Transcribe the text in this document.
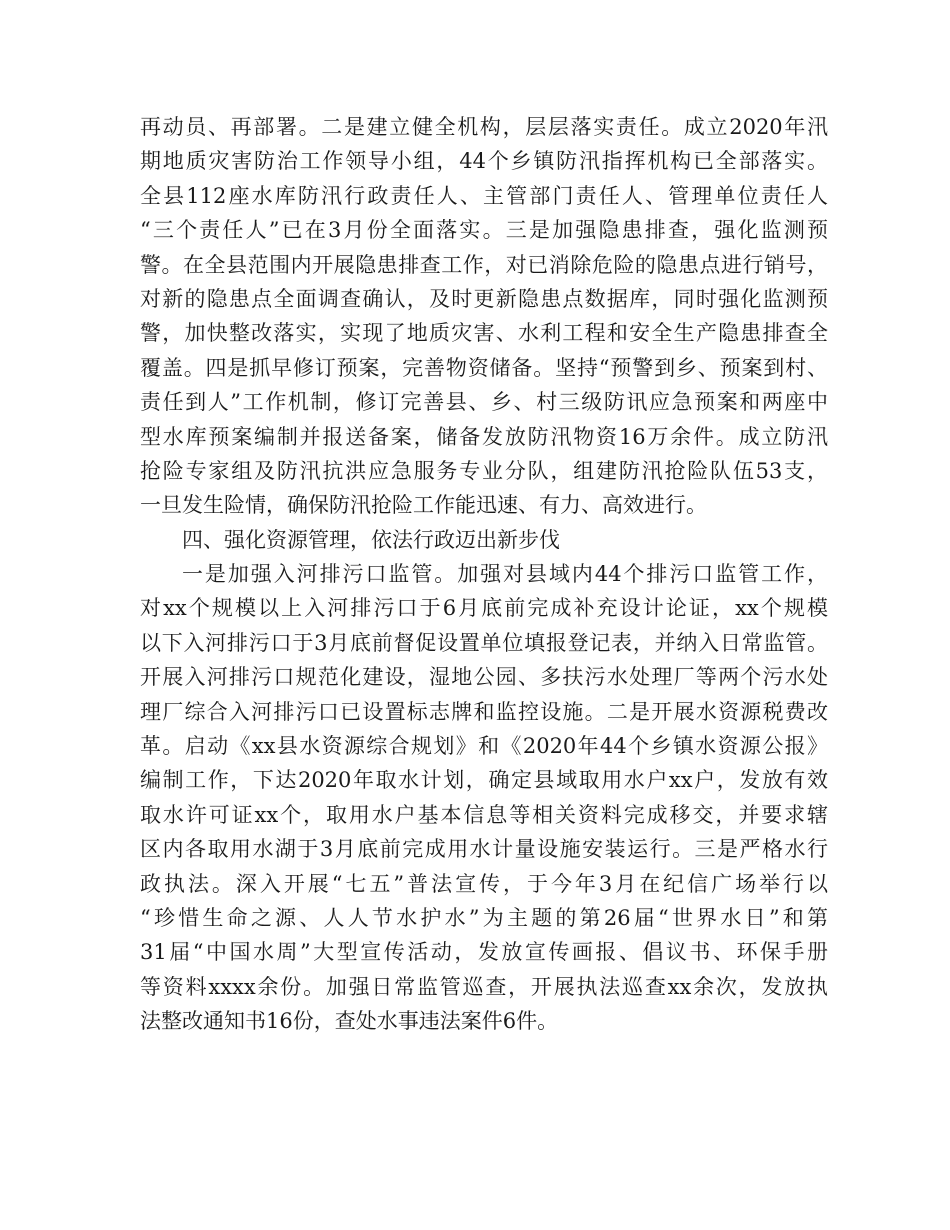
再动员、再部署。二是建立健全机构，层层落实责任。成立2020年汛
期地质灾害防治工作领导小组，44个乡镇防汛指挥机构已全部落实。
全县112座水库防汛行政责任人、主管部门责任人、管理单位责任人
“三个责任人”已在3月份全面落实。三是加强隐患排查，强化监测预
警。在全县范围内开展隐患排查工作，对已消除危险的隐患点进行销号，
对新的隐患点全面调查确认，及时更新隐患点数据库，同时强化监测预
警，加快整改落实，实现了地质灾害、水利工程和安全生产隐患排查全
覆盖。四是抓早修订预案，完善物资储备。坚持“预警到乡、预案到村、
责任到人”工作机制，修订完善县、乡、村三级防讯应急预案和两座中
型水库预案编制并报送备案，储备发放防汛物资16万余件。成立防汛
抢险专家组及防汛抗洪应急服务专业分队，组建防汛抢险队伍53支，
一旦发生险情，确保防汛抢险工作能迅速、有力、高效进行。
四、强化资源管理，依法行政迈出新步伐
一是加强入河排污口监管。加强对县域内44个排污口监管工作，
对xx个规模以上入河排污口于6月底前完成补充设计论证，xx个规模
以下入河排污口于3月底前督促设置单位填报登记表，并纳入日常监管。
开展入河排污口规范化建设，湿地公园、多扶污水处理厂等两个污水处
理厂综合入河排污口已设置标志牌和监控设施。二是开展水资源税费改
革。启动《xx县水资源综合规划》和《2020年44个乡镇水资源公报》
编制工作，下达2020年取水计划，确定县域取用水户xx户，发放有效
取水许可证xx个，取用水户基本信息等相关资料完成移交，并要求辖
区内各取用水湖于3月底前完成用水计量设施安装运行。三是严格水行
政执法。深入开展“七五”普法宣传，于今年3月在纪信广场举行以
“珍惜生命之源、人人节水护水”为主题的第26届“世界水日”和第
31届“中国水周”大型宣传活动，发放宣传画报、倡议书、环保手册
等资料xxxx余份。加强日常监管巡查，开展执法巡查xx余次，发放执
法整改通知书16份，查处水事违法案件6件。
